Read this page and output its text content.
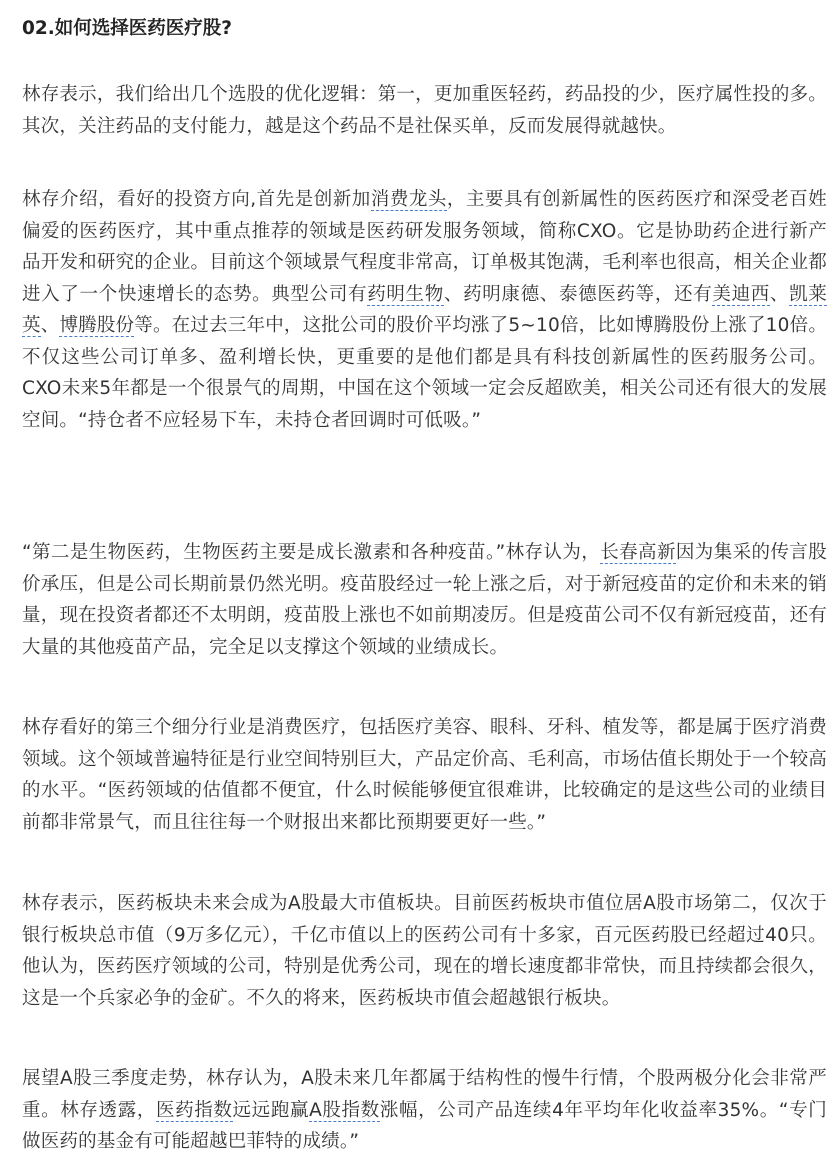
02.如何选择医药医疗股?

林存表示，我们给出几个选股的优化逻辑：第一，更加重医轻药，药品投的少，医疗属性投的多。其次，关注药品的支付能力，越是这个药品不是社保买单，反而发展得就越快。

林存介绍，看好的投资方向,首先是创新加消费龙头，主要具有创新属性的医药医疗和深受老百姓偏爱的医药医疗，其中重点推荐的领域是医药研发服务领域，简称CXO。它是协助药企进行新产品开发和研究的企业。目前这个领域景气程度非常高，订单极其饱满，毛利率也很高，相关企业都进入了一个快速增长的态势。典型公司有药明生物、药明康德、泰德医药等，还有美迪西、凯莱英、博腾股份等。在过去三年中，这批公司的股价平均涨了5~10倍，比如博腾股份上涨了10倍。不仅这些公司订单多、盈利增长快，更重要的是他们都是具有科技创新属性的医药服务公司。CXO未来5年都是一个很景气的周期，中国在这个领域一定会反超欧美，相关公司还有很大的发展空间。“持仓者不应轻易下车，未持仓者回调时可低吸。”

“第二是生物医药，生物医药主要是成长激素和各种疫苗。”林存认为，长春高新因为集采的传言股价承压，但是公司长期前景仍然光明。疫苗股经过一轮上涨之后，对于新冠疫苗的定价和未来的销量，现在投资者都还不太明朗，疫苗股上涨也不如前期凌厉。但是疫苗公司不仅有新冠疫苗，还有大量的其他疫苗产品，完全足以支撑这个领域的业绩成长。

林存看好的第三个细分行业是消费医疗，包括医疗美容、眼科、牙科、植发等，都是属于医疗消费领域。这个领域普遍特征是行业空间特别巨大，产品定价高、毛利高，市场估值长期处于一个较高的水平。“医药领域的估值都不便宜，什么时候能够便宜很难讲，比较确定的是这些公司的业绩目前都非常景气，而且往往每一个财报出来都比预期要更好一些。”

林存表示，医药板块未来会成为A股最大市值板块。目前医药板块市值位居A股市场第二，仅次于银行板块总市值（9万多亿元），千亿市值以上的医药公司有十多家，百元医药股已经超过40只。他认为，医药医疗领域的公司，特别是优秀公司，现在的增长速度都非常快，而且持续都会很久，这是一个兵家必争的金矿。不久的将来，医药板块市值会超越银行板块。

展望A股三季度走势，林存认为，A股未来几年都属于结构性的慢牛行情，个股两极分化会非常严重。林存透露，医药指数远远跑赢A股指数涨幅，公司产品连续4年平均年化收益率35%。“专门做医药的基金有可能超越巴菲特的成绩。”
